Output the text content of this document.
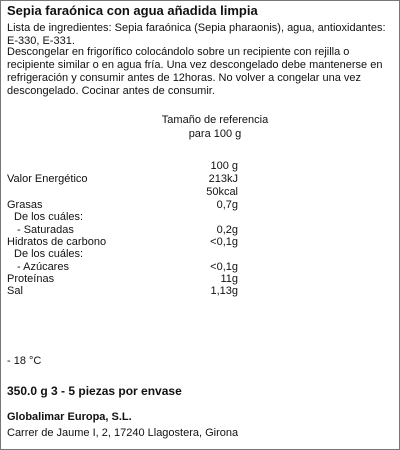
Sepia faraónica con agua añadida limpia
Lista de ingredientes: Sepia faraónica (Sepia pharaonis), agua, antioxidantes: E-330, E-331.
Descongelar en frigorífico colocándolo sobre un recipiente con rejilla o recipiente similar o en agua fría. Una vez descongelado debe mantenerse en refrigeración y consumir antes de 12horas. No volver a congelar una vez descongelado. Cocinar antes de consumir.
Tamaño de referencia
para 100 g
100 g
Valor Energético	213kJ
50kcal
Grasas	0,7g
De los cuáles:
- Saturadas	0,2g
Hidratos de carbono	<0,1g
De los cuáles:
- Azúcares	<0,1g
Proteínas	11g
Sal	1,13g
- 18 °C
350.0 g 3 - 5 piezas por envase
Globalimar Europa, S.L.
Carrer de Jaume I, 2, 17240 Llagostera, Girona
